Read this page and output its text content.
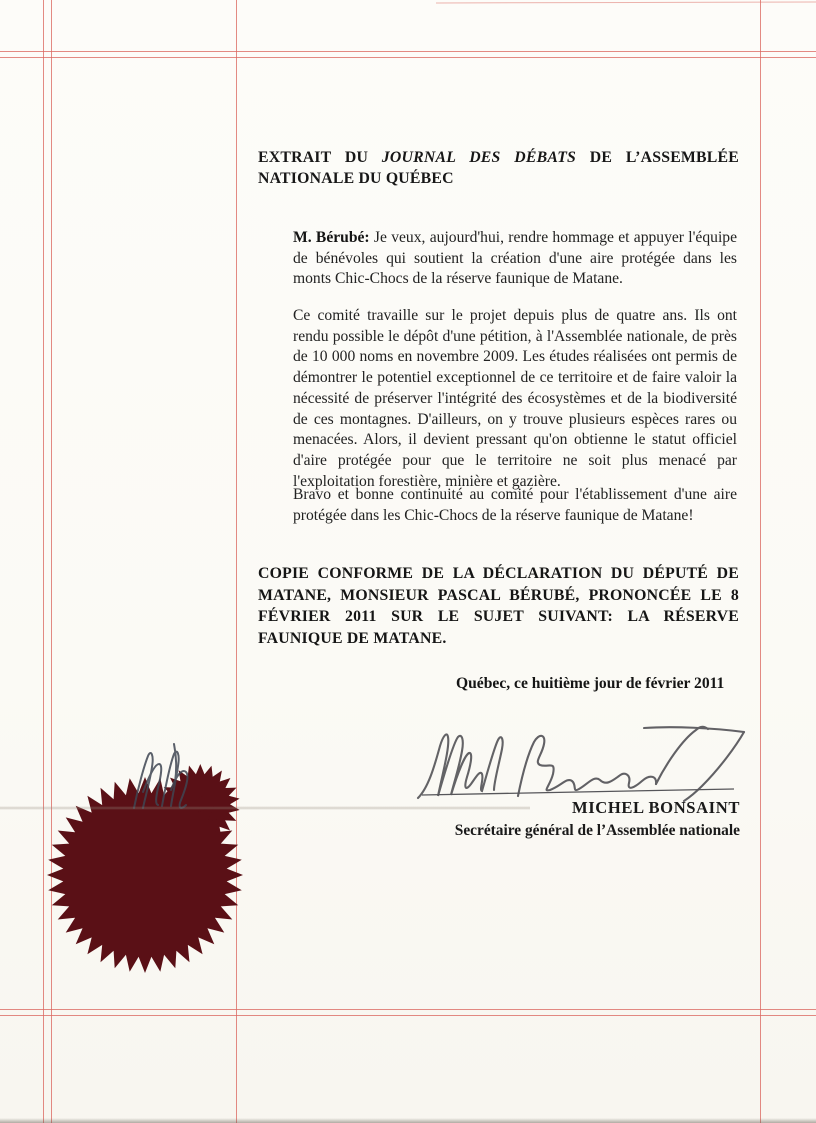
EXTRAIT DU JOURNAL DES DÉBATS DE L’ASSEMBLÉE NATIONALE DU QUÉBEC
M. Bérubé: Je veux, aujourd'hui, rendre hommage et appuyer l'équipe de bénévoles qui soutient la création d'une aire protégée dans les monts Chic-Chocs de la réserve faunique de Matane.
Ce comité travaille sur le projet depuis plus de quatre ans. Ils ont rendu possible le dépôt d'une pétition, à l'Assemblée nationale, de près de 10 000 noms en novembre 2009. Les études réalisées ont permis de démontrer le potentiel exceptionnel de ce territoire et de faire valoir la nécessité de préserver l'intégrité des écosystèmes et de la biodiversité de ces montagnes. D'ailleurs, on y trouve plusieurs espèces rares ou menacées. Alors, il devient pressant qu'on obtienne le statut officiel d'aire protégée pour que le territoire ne soit plus menacé par l'exploitation forestière, minière et gazière.
Bravo et bonne continuité au comité pour l'établissement d'une aire protégée dans les Chic-Chocs de la réserve faunique de Matane!
COPIE CONFORME DE LA DÉCLARATION DU DÉPUTÉ DE MATANE, MONSIEUR PASCAL BÉRUBÉ, PRONONCÉE LE 8 FÉVRIER 2011 SUR LE SUJET SUIVANT: LA RÉSERVE FAUNIQUE DE MATANE.
Québec, ce huitième jour de février 2011
MICHEL BONSAINT
Secrétaire général de l’Assemblée nationale
